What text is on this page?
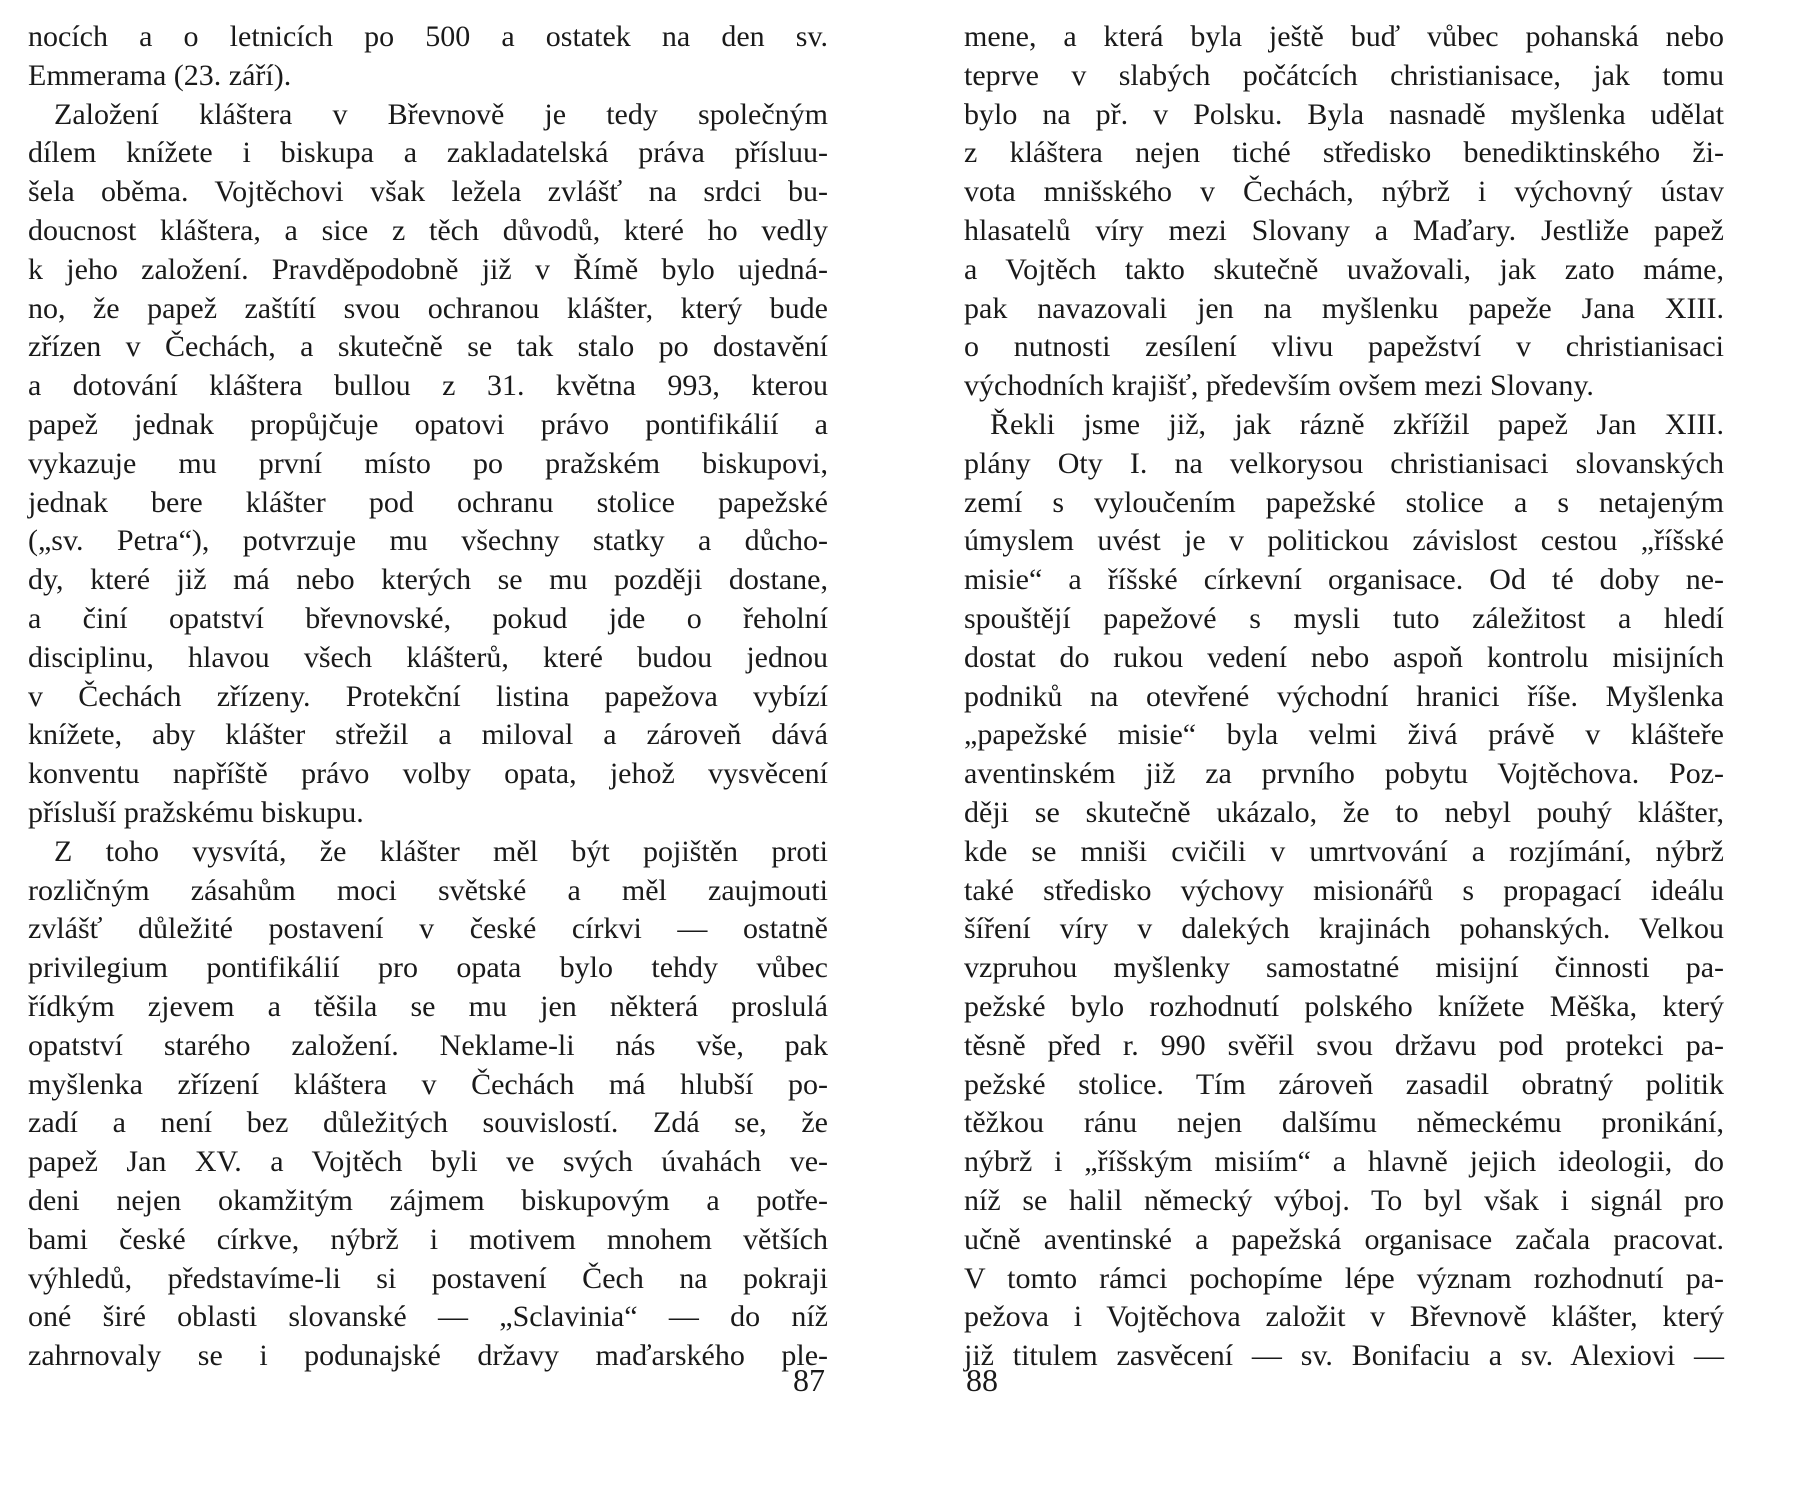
nocích a o letnicích po 500 a ostatek na den sv.
Emmerama (23. září).
Založení kláštera v Břevnově je tedy společným
dílem knížete i biskupa a zakladatelská práva přísluu-
šela oběma. Vojtěchovi však ležela zvlášť na srdci bu-
doucnost kláštera, a sice z těch důvodů, které ho vedly
k jeho založení. Pravděpodobně již v Římě bylo ujedná-
no, že papež zaštítí svou ochranou klášter, který bude
zřízen v Čechách, a skutečně se tak stalo po dostavění
a dotování kláštera bullou z 31. května 993, kterou
papež jednak propůjčuje opatovi právo pontifikálií a
vykazuje mu první místo po pražském biskupovi,
jednak bere klášter pod ochranu stolice papežské
(„sv. Petra“), potvrzuje mu všechny statky a důcho-
dy, které již má nebo kterých se mu později dostane,
a činí opatství břevnovské, pokud jde o řeholní
disciplinu, hlavou všech klášterů, které budou jednou
v Čechách zřízeny. Protekční listina papežova vybízí
knížete, aby klášter střežil a miloval a zároveň dává
konventu napříště právo volby opata, jehož vysvěcení
přísluší pražskému biskupu.
Z toho vysvítá, že klášter měl být pojištěn proti
rozličným zásahům moci světské a měl zaujmouti
zvlášť důležité postavení v české církvi — ostatně
privilegium pontifikálií pro opata bylo tehdy vůbec
řídkým zjevem a těšila se mu jen některá proslulá
opatství starého založení. Neklame-li nás vše, pak
myšlenka zřízení kláštera v Čechách má hlubší po-
zadí a není bez důležitých souvislostí. Zdá se, že
papež Jan XV. a Vojtěch byli ve svých úvahách ve-
deni nejen okamžitým zájmem biskupovým a potře-
bami české církve, nýbrž i motivem mnohem větších
výhledů, představíme-li si postavení Čech na pokraji
oné širé oblasti slovanské — „Sclavinia“ — do níž
zahrnovaly se i podunajské državy maďarského ple-
87
mene, a která byla ještě buď vůbec pohanská nebo
teprve v slabých počátcích christianisace, jak tomu
bylo na př. v Polsku. Byla nasnadě myšlenka udělat
z kláštera nejen tiché středisko benediktinského ži-
vota mnišského v Čechách, nýbrž i výchovný ústav
hlasatelů víry mezi Slovany a Maďary. Jestliže papež
a Vojtěch takto skutečně uvažovali, jak zato máme,
pak navazovali jen na myšlenku papeže Jana XIII.
o nutnosti zesílení vlivu papežství v christianisaci
východních krajišť, především ovšem mezi Slovany.
Řekli jsme již, jak rázně zkřížil papež Jan XIII.
plány Oty I. na velkorysou christianisaci slovanských
zemí s vyloučením papežské stolice a s netajeným
úmyslem uvést je v politickou závislost cestou „říšské
misie“ a říšské církevní organisace. Od té doby ne-
spouštějí papežové s mysli tuto záležitost a hledí
dostat do rukou vedení nebo aspoň kontrolu misijních
podniků na otevřené východní hranici říše. Myšlenka
„papežské misie“ byla velmi živá právě v klášteře
aventinském již za prvního pobytu Vojtěchova. Poz-
ději se skutečně ukázalo, že to nebyl pouhý klášter,
kde se mniši cvičili v umrtvování a rozjímání, nýbrž
také středisko výchovy misionářů s propagací ideálu
šíření víry v dalekých krajinách pohanských. Velkou
vzpruhou myšlenky samostatné misijní činnosti pa-
pežské bylo rozhodnutí polského knížete Měška, který
těsně před r. 990 svěřil svou državu pod protekci pa-
pežské stolice. Tím zároveň zasadil obratný politik
těžkou ránu nejen dalšímu německému pronikání,
nýbrž i „říšským misiím“ a hlavně jejich ideologii, do
níž se halil německý výboj. To byl však i signál pro
učně aventinské a papežská organisace začala pracovat.
V tomto rámci pochopíme lépe význam rozhodnutí pa-
pežova i Vojtěchova založit v Břevnově klášter, který
již titulem zasvěcení — sv. Bonifaciu a sv. Alexiovi —
88
